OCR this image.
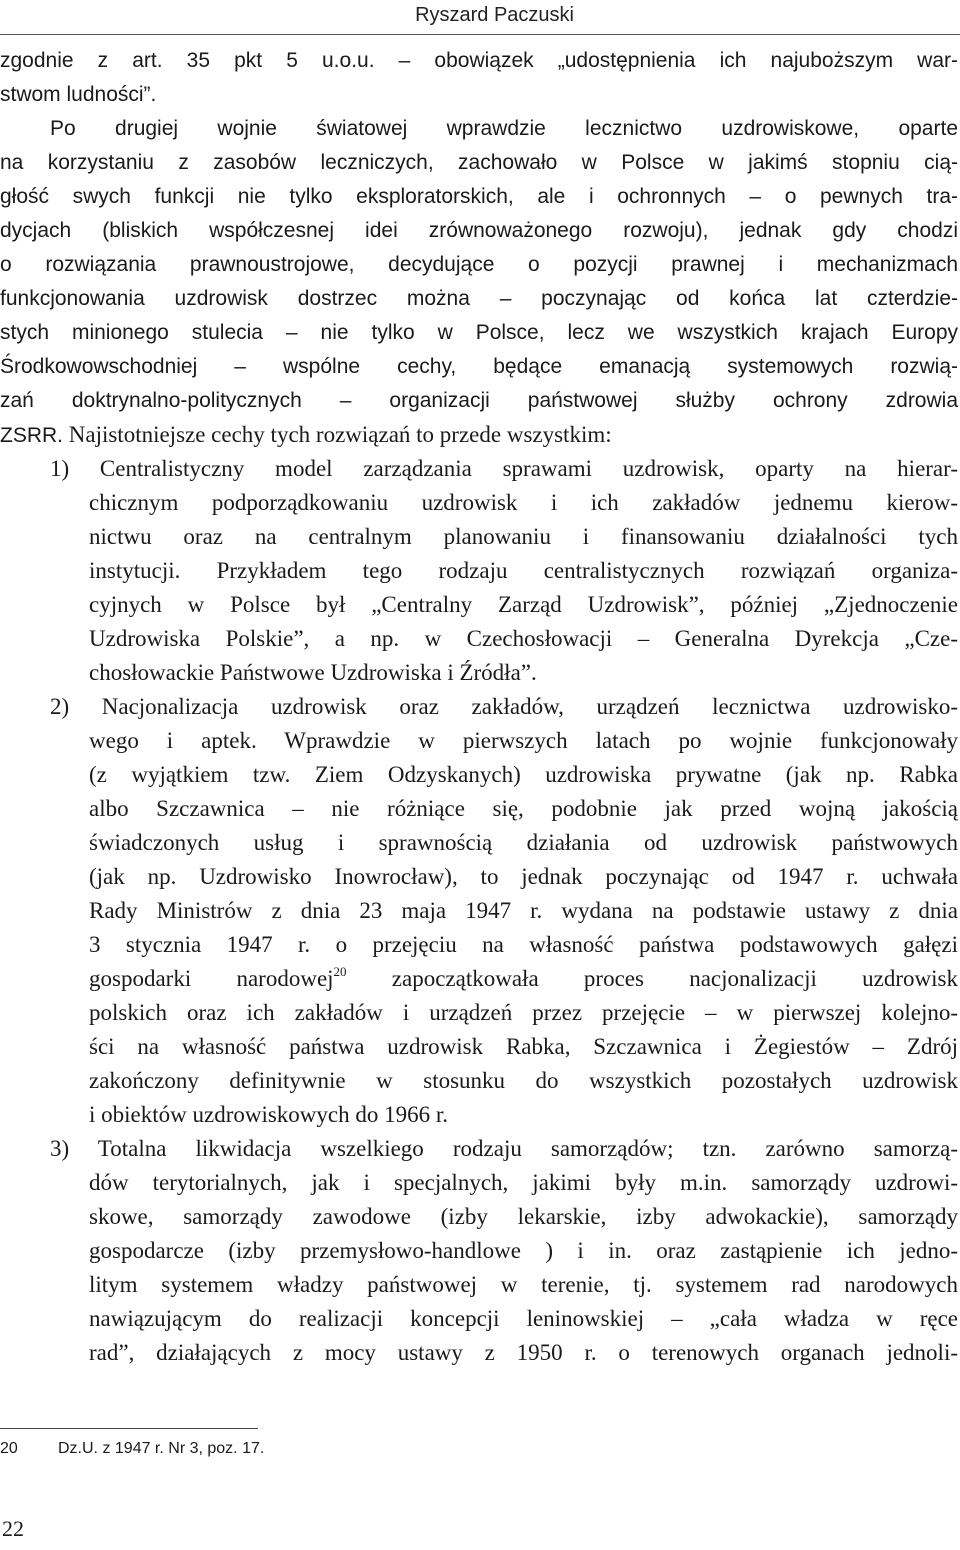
Ryszard Paczuski
zgodnie z art. 35 pkt 5 u.o.u. – obowiązek „udostępnienia ich najuboższym war-
stwom ludności”.
Po drugiej wojnie światowej wprawdzie lecznictwo uzdrowiskowe, oparte
na korzystaniu z zasobów leczniczych, zachowało w Polsce w jakimś stopniu cią-
głość swych funkcji nie tylko eksploratorskich, ale i ochronnych – o pewnych tra-
dycjach (bliskich współczesnej idei zrównoważonego rozwoju), jednak gdy chodzi
o rozwiązania prawnoustrojowe, decydujące o pozycji prawnej i mechanizmach
funkcjonowania uzdrowisk dostrzec można – poczynając od końca lat czterdzie-
stych minionego stulecia – nie tylko w Polsce, lecz we wszystkich krajach Europy
Środkowowschodniej – wspólne cechy, będące emanacją systemowych rozwią-
zań doktrynalno-politycznych – organizacji państwowej służby ochrony zdrowia
ZSRR. Najistotniejsze cechy tych rozwiązań to przede wszystkim:
1) Centralistyczny model zarządzania sprawami uzdrowisk, oparty na hierar-
chicznym podporządkowaniu uzdrowisk i ich zakładów jednemu kierow-
nictwu oraz na centralnym planowaniu i finansowaniu działalności tych
instytucji. Przykładem tego rodzaju centralistycznych rozwiązań organiza-
cyjnych w Polsce był „Centralny Zarząd Uzdrowisk”, później „Zjednoczenie
Uzdrowiska Polskie”, a np. w Czechosłowacji – Generalna Dyrekcja „Cze-
chosłowackie Państwowe Uzdrowiska i Źródła”.
2) Nacjonalizacja uzdrowisk oraz zakładów, urządzeń lecznictwa uzdrowisko-
wego i aptek. Wprawdzie w pierwszych latach po wojnie funkcjonowały
(z wyjątkiem tzw. Ziem Odzyskanych) uzdrowiska prywatne (jak np. Rabka
albo Szczawnica – nie różniące się, podobnie jak przed wojną jakością
świadczonych usług i sprawnością działania od uzdrowisk państwowych
(jak np. Uzdrowisko Inowrocław), to jednak poczynając od 1947 r. uchwała
Rady Ministrów z dnia 23 maja 1947 r. wydana na podstawie ustawy z dnia
3 stycznia 1947 r. o przejęciu na własność państwa podstawowych gałęzi
gospodarki narodowej$^{20}$ zapoczątkowała proces nacjonalizacji uzdrowisk
polskich oraz ich zakładów i urządzeń przez przejęcie – w pierwszej kolejno-
ści na własność państwa uzdrowisk Rabka, Szczawnica i Żegiestów – Zdrój
zakończony definitywnie w stosunku do wszystkich pozostałych uzdrowisk
i obiektów uzdrowiskowych do 1966 r.
3) Totalna likwidacja wszelkiego rodzaju samorządów; tzn. zarówno samorzą-
dów terytorialnych, jak i specjalnych, jakimi były m.in. samorządy uzdrowi-
skowe, samorządy zawodowe (izby lekarskie, izby adwokackie), samorządy
gospodarcze (izby przemysłowo-handlowe ) i in. oraz zastąpienie ich jedno-
litym systemem władzy państwowej w terenie, tj. systemem rad narodowych
nawiązującym do realizacji koncepcji leninowskiej – „cała władza w ręce
rad”, działających z mocy ustawy z 1950 r. o terenowych organach jednoli-
20	Dz.U. z 1947 r. Nr 3, poz. 17.
22
